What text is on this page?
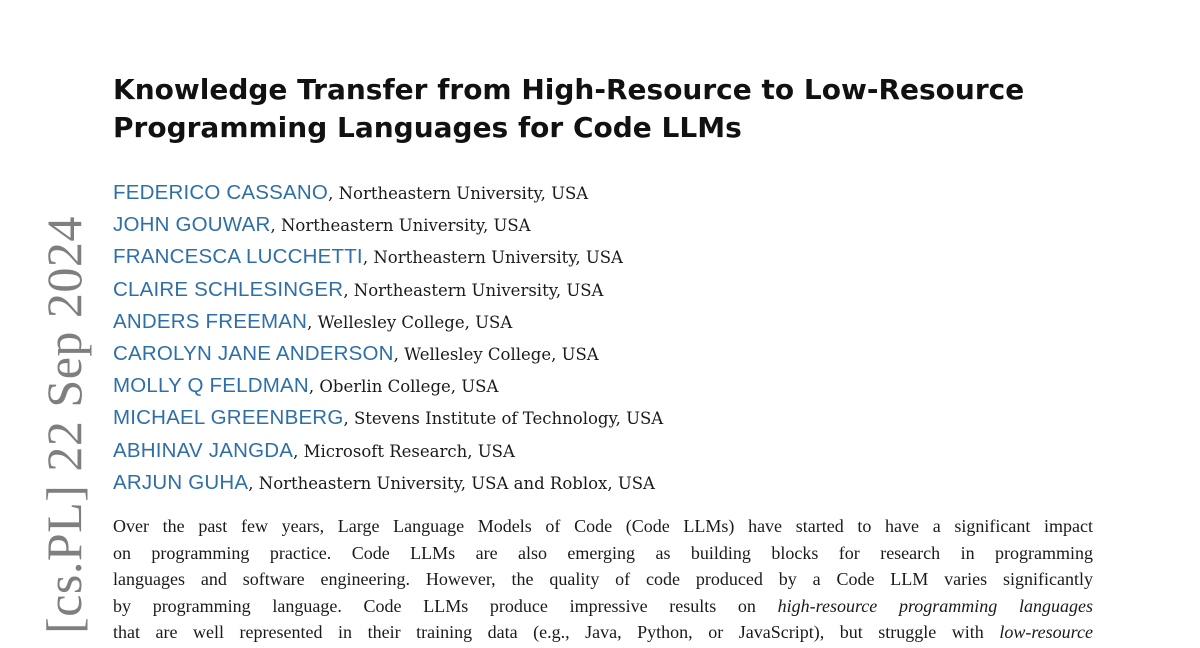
[cs.PL] 22 Sep 2024
Knowledge Transfer from High-Resource to Low-Resource
Programming Languages for Code LLMs
FEDERICO CASSANO, Northeastern University, USA
JOHN GOUWAR, Northeastern University, USA
FRANCESCA LUCCHETTI, Northeastern University, USA
CLAIRE SCHLESINGER, Northeastern University, USA
ANDERS FREEMAN, Wellesley College, USA
CAROLYN JANE ANDERSON, Wellesley College, USA
MOLLY Q FELDMAN, Oberlin College, USA
MICHAEL GREENBERG, Stevens Institute of Technology, USA
ABHINAV JANGDA, Microsoft Research, USA
ARJUN GUHA, Northeastern University, USA and Roblox, USA
Over the past few years, Large Language Models of Code (Code LLMs) have started to have a significant impact
on programming practice. Code LLMs are also emerging as building blocks for research in programming
languages and software engineering. However, the quality of code produced by a Code LLM varies significantly
by programming language. Code LLMs produce impressive results on high-resource programming languages
that are well represented in their training data (e.g., Java, Python, or JavaScript), but struggle with low-resource
